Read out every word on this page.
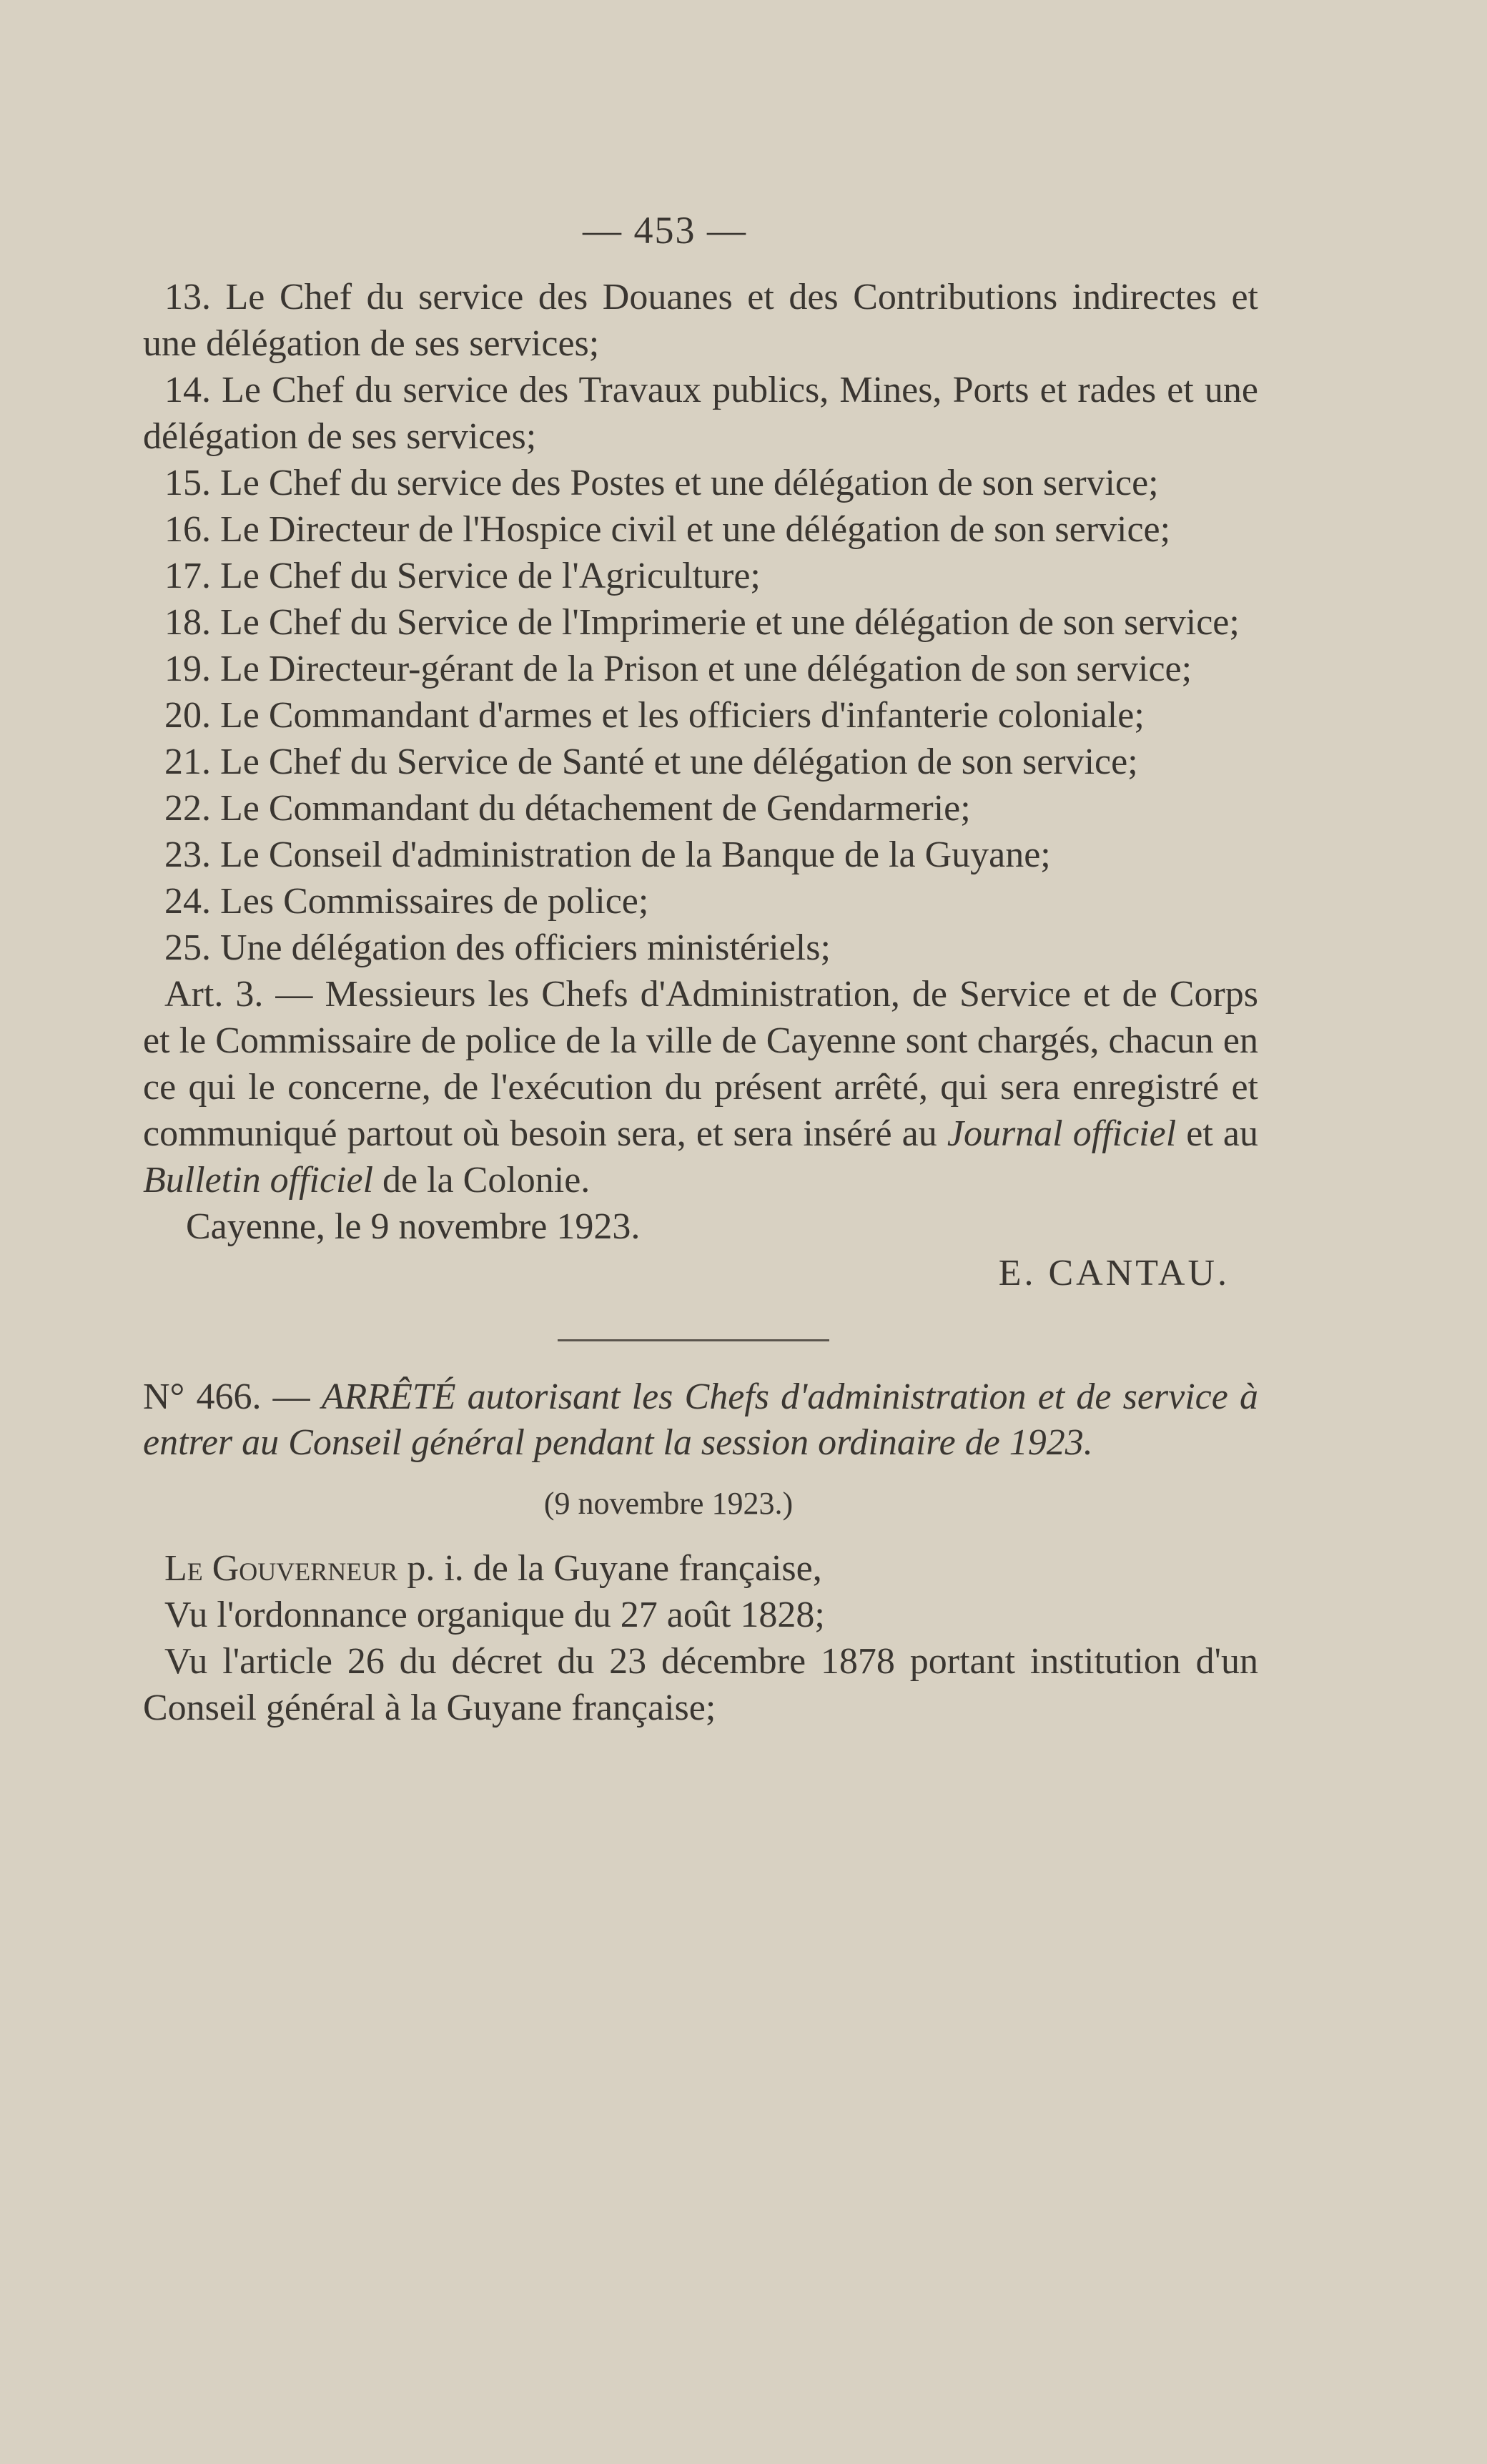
— 453 —

13. Le Chef du service des Douanes et des Contributions indirectes et une délégation de ses services;

14. Le Chef du service des Travaux publics, Mines, Ports et rades et une délégation de ses services;

15. Le Chef du service des Postes et une délégation de son service;

16. Le Directeur de l'Hospice civil et une délégation de son service;

17. Le Chef du Service de l'Agriculture;

18. Le Chef du Service de l'Imprimerie et une délégation de son service;

19. Le Directeur-gérant de la Prison et une délégation de son service;

20. Le Commandant d'armes et les officiers d'infanterie coloniale;

21. Le Chef du Service de Santé et une délégation de son service;

22. Le Commandant du détachement de Gendarmerie;

23. Le Conseil d'administration de la Banque de la Guyane;

24. Les Commissaires de police;

25. Une délégation des officiers ministériels;

Art. 3. — Messieurs les Chefs d'Administration, de Service et de Corps et le Commissaire de police de la ville de Cayenne sont chargés, chacun en ce qui le concerne, de l'exécution du présent arrêté, qui sera enregistré et communiqué partout où besoin sera, et sera inséré au Journal officiel et au Bulletin officiel de la Colonie.

Cayenne, le 9 novembre 1923.

E. CANTAU.

N° 466. — ARRÊTÉ autorisant les Chefs d'administration et de service à entrer au Conseil général pendant la session ordinaire de 1923.

(9 novembre 1923.)

Le Gouverneur p. i. de la Guyane française,

Vu l'ordonnance organique du 27 août 1828;

Vu l'article 26 du décret du 23 décembre 1878 portant institution d'un Conseil général à la Guyane française;
